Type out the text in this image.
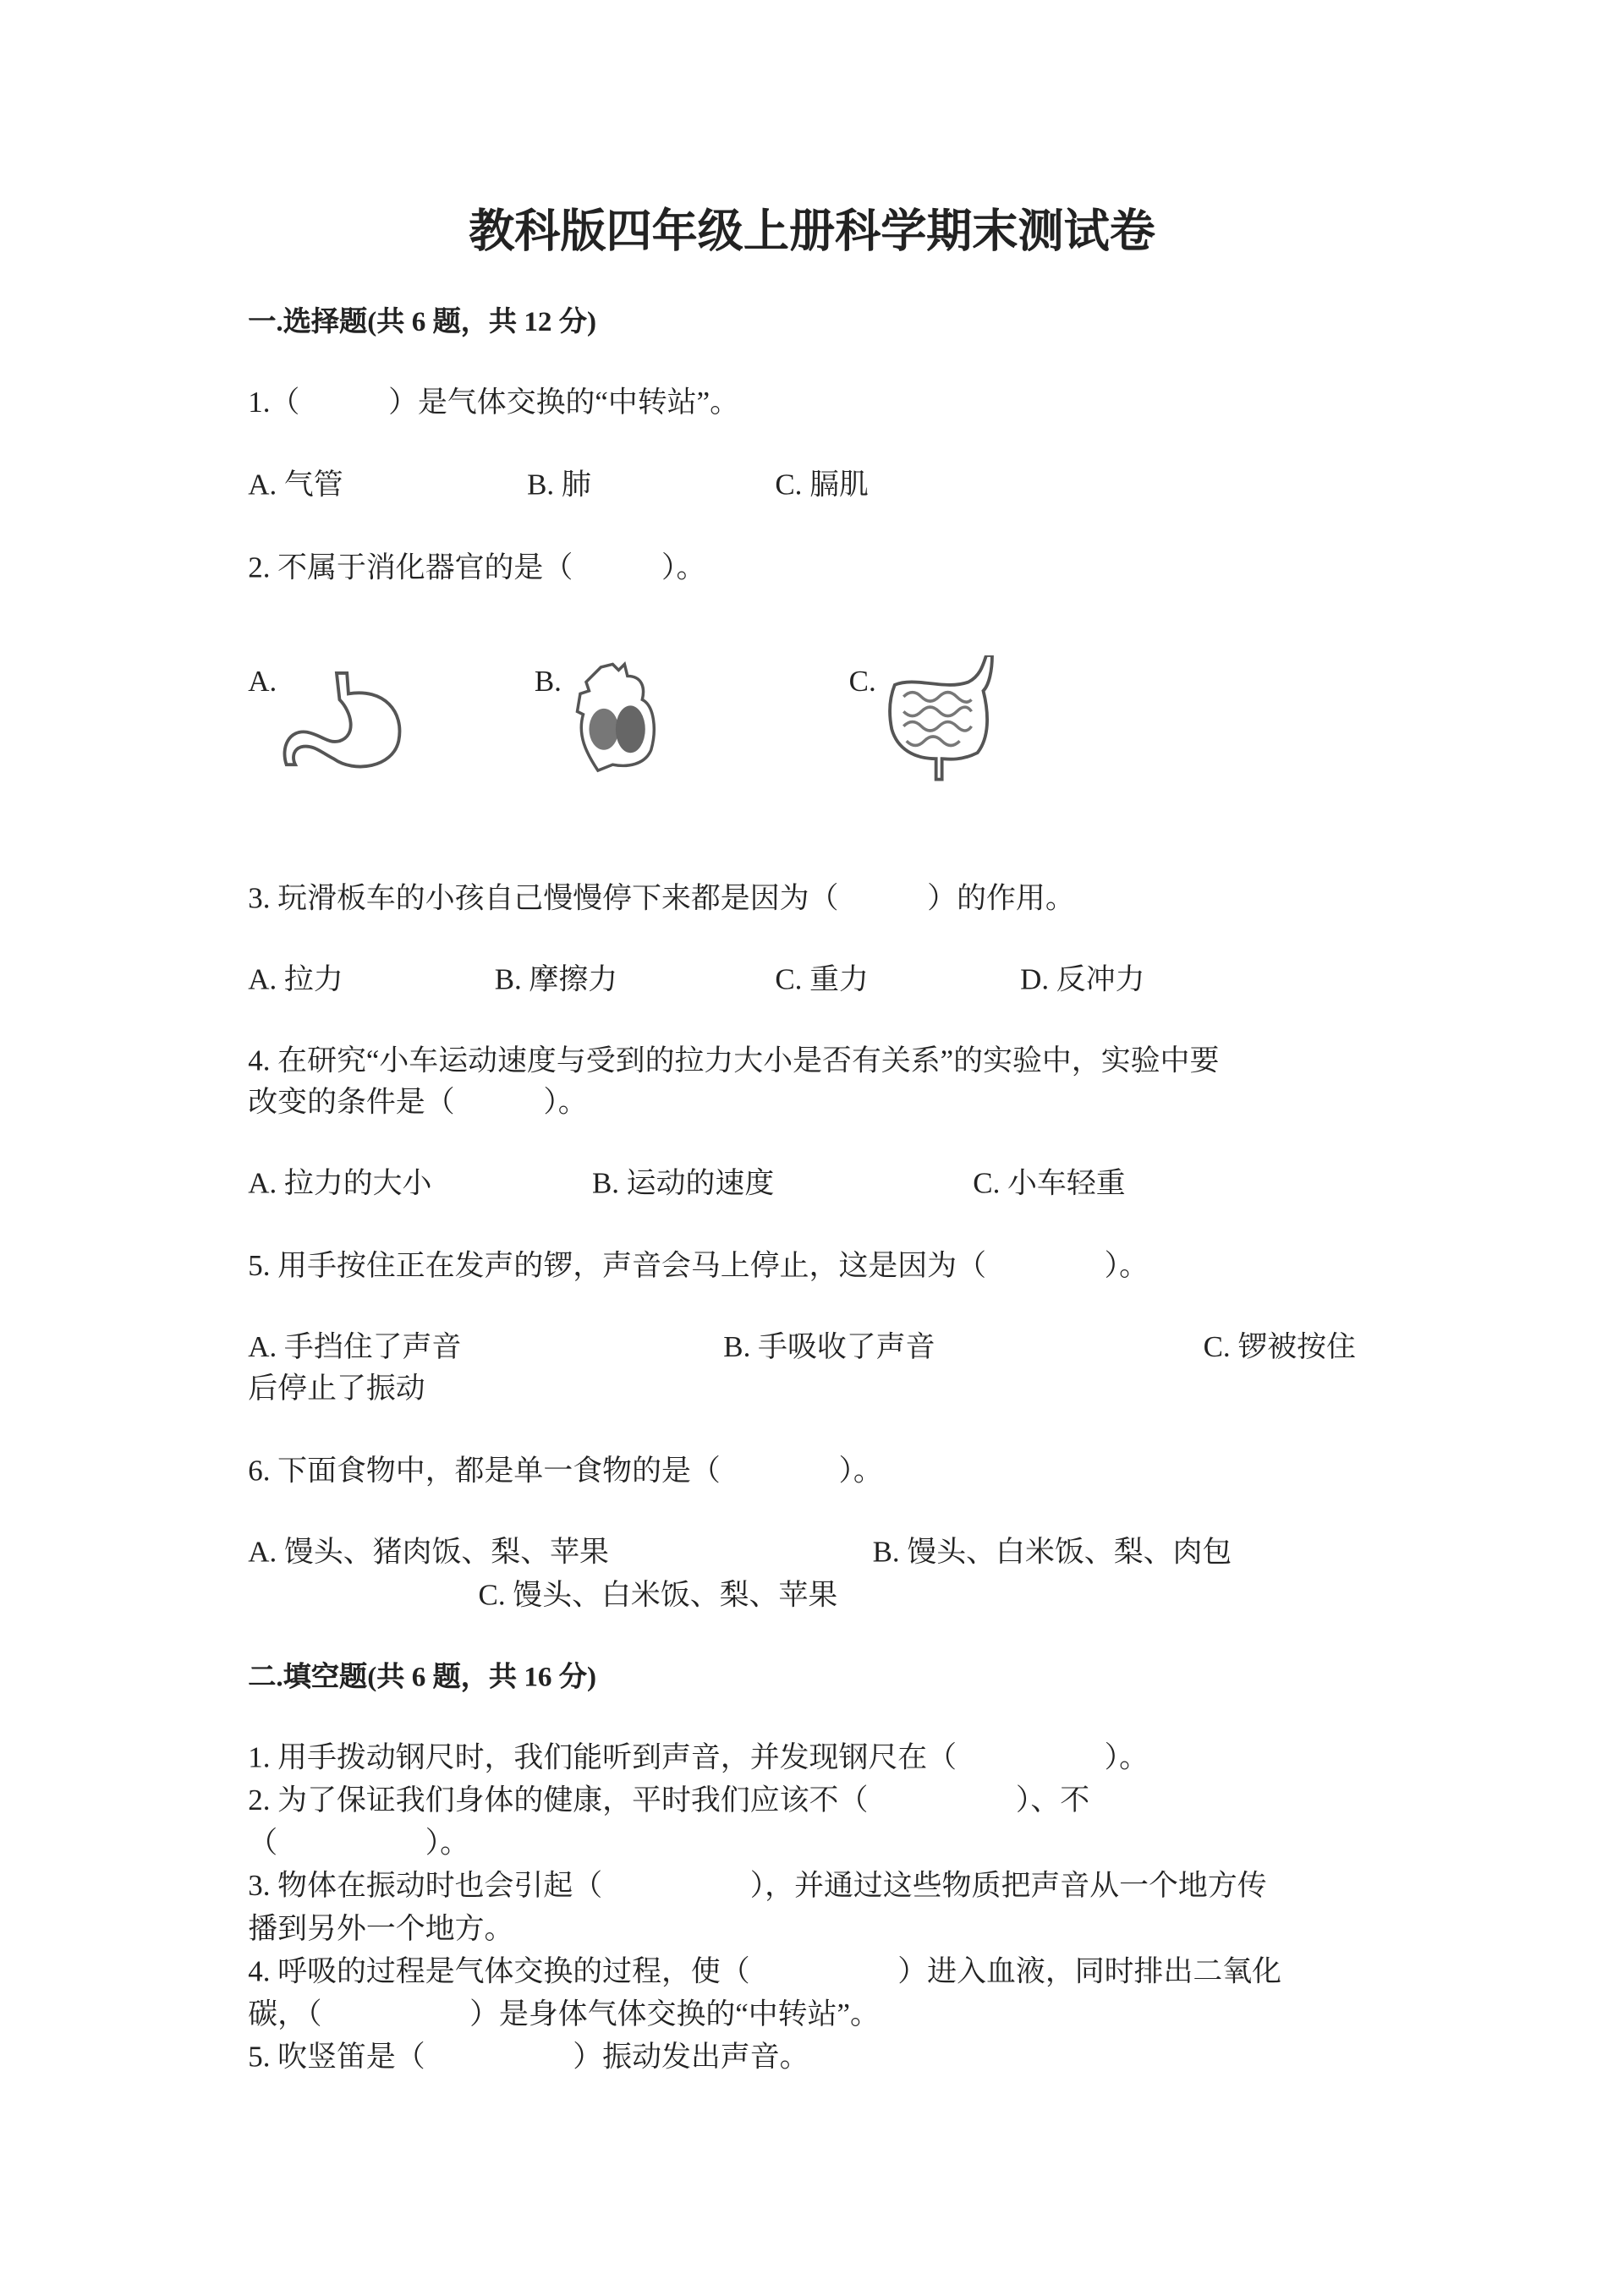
教科版四年级上册科学期末测试卷
一.选择题(共 6 题，共 12 分)
1.（　　　）是气体交换的“中转站”。
A. 气管	B. 肺	C. 膈肌
2. 不属于消化器官的是（　　　）。
A.	B.	C.
3. 玩滑板车的小孩自己慢慢停下来都是因为（　　　）的作用。
A. 拉力	B. 摩擦力	C. 重力	D. 反冲力
4. 在研究“小车运动速度与受到的拉力大小是否有关系”的实验中，实验中要
改变的条件是（　　　）。
A. 拉力的大小	B. 运动的速度	C. 小车轻重
5. 用手按住正在发声的锣，声音会马上停止，这是因为（　　　　）。
A. 手挡住了声音	B. 手吸收了声音	C. 锣被按住
后停止了振动
6. 下面食物中，都是单一食物的是（　　　　）。
A. 馒头、猪肉饭、梨、苹果	B. 馒头、白米饭、梨、肉包
C. 馒头、白米饭、梨、苹果
二.填空题(共 6 题，共 16 分)
1. 用手拨动钢尺时，我们能听到声音，并发现钢尺在（　　　　　）。
2. 为了保证我们身体的健康，平时我们应该不（　　　　　）、不
（　　　　　）。
3. 物体在振动时也会引起（　　　　　），并通过这些物质把声音从一个地方传
播到另外一个地方。
4. 呼吸的过程是气体交换的过程，使（　　　　　）进入血液，同时排出二氧化
碳，（　　　　　）是身体气体交换的“中转站”。
5. 吹竖笛是（　　　　　）振动发出声音。
